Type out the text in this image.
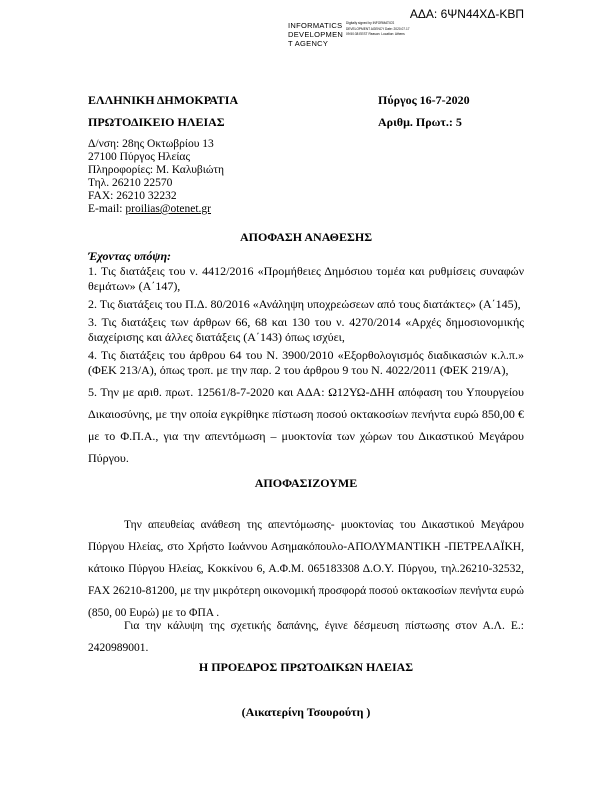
ΑΔΑ: 6ΨΝ44ΧΔ-ΚΒΠ
INFORMATICS
DEVELOPMEN
T AGENCY
Digitally signed by INFORMATICS DEVELOPMENT AGENCY Date: 2020.07.17 09:50:38 EEST Reason: Location: Athens
ΕΛΛΗΝΙΚΗ ΔΗΜΟΚΡΑΤΙΑ	Πύργος 16-7-2020
ΠΡΩΤΟΔΙΚΕΙΟ ΗΛΕΙΑΣ	Αριθμ. Πρωτ.: 5
Δ/νση: 28ης Οκτωβρίου 13
27100 Πύργος Ηλείας
Πληροφορίες: Μ. Καλυβιώτη
Τηλ. 26210 22570
FAX: 26210 32232
E-mail: proilias@otenet.gr
ΑΠΟΦΑΣΗ ΑΝΑΘΕΣΗΣ
Έχοντας υπόψη:
1. Τις διατάξεις του ν. 4412/2016 «Προμήθειες Δημόσιου τομέα και ρυθμίσεις συναφών θεμάτων» (Α΄147),
2. Τις διατάξεις του Π.Δ. 80/2016 «Ανάληψη υποχρεώσεων από τους διατάκτες» (Α΄145),
3. Τις διατάξεις των άρθρων 66, 68 και 130 του ν. 4270/2014 «Αρχές δημοσιονομικής διαχείρισης και άλλες διατάξεις (Α΄143) όπως ισχύει,
4. Τις διατάξεις του άρθρου 64 του Ν. 3900/2010 «Εξορθολογισμός διαδικασιών κ.λ.π.» (ΦΕΚ 213/Α), όπως τροπ. με την παρ. 2 του άρθρου 9 του Ν. 4022/2011 (ΦΕΚ 219/Α),
5. Την με αριθ. πρωτ. 12561/8-7-2020 και ΑΔΑ: Ω12ΥΩ-ΔΗΗ απόφαση του Υπουργείου Δικαιοσύνης, με την οποία εγκρίθηκε πίστωση ποσού οκτακοσίων πενήντα ευρώ 850,00 € με το Φ.Π.Α., για την απεντόμωση – μυοκτονία των χώρων του Δικαστικού Μεγάρου Πύργου.
ΑΠΟΦΑΣΙΖΟΥΜΕ
Την απευθείας ανάθεση της απεντόμωσης- μυοκτονίας του Δικαστικού Μεγάρου Πύργου Ηλείας, στο Χρήστο Ιωάννου Ασημακόπουλο-ΑΠΟΛΥΜΑΝΤΙΚΗ -ΠΕΤΡΕΛΑΪΚΗ, κάτοικο Πύργου Ηλείας, Κοκκίνου 6, Α.Φ.Μ. 065183308 Δ.Ο.Υ. Πύργου, τηλ.26210-32532, FAX 26210-81200, με την μικρότερη οικονομική προσφορά ποσού οκτακοσίων πενήντα ευρώ (850, 00 Ευρώ) με το ΦΠΑ .
Για την κάλυψη της σχετικής δαπάνης, έγινε δέσμευση πίστωσης στον Α.Λ. Ε.: 2420989001.
Η ΠΡΟΕΔΡΟΣ ΠΡΩΤΟΔΙΚΩΝ ΗΛΕΙΑΣ
(Αικατερίνη Τσουρούτη )
